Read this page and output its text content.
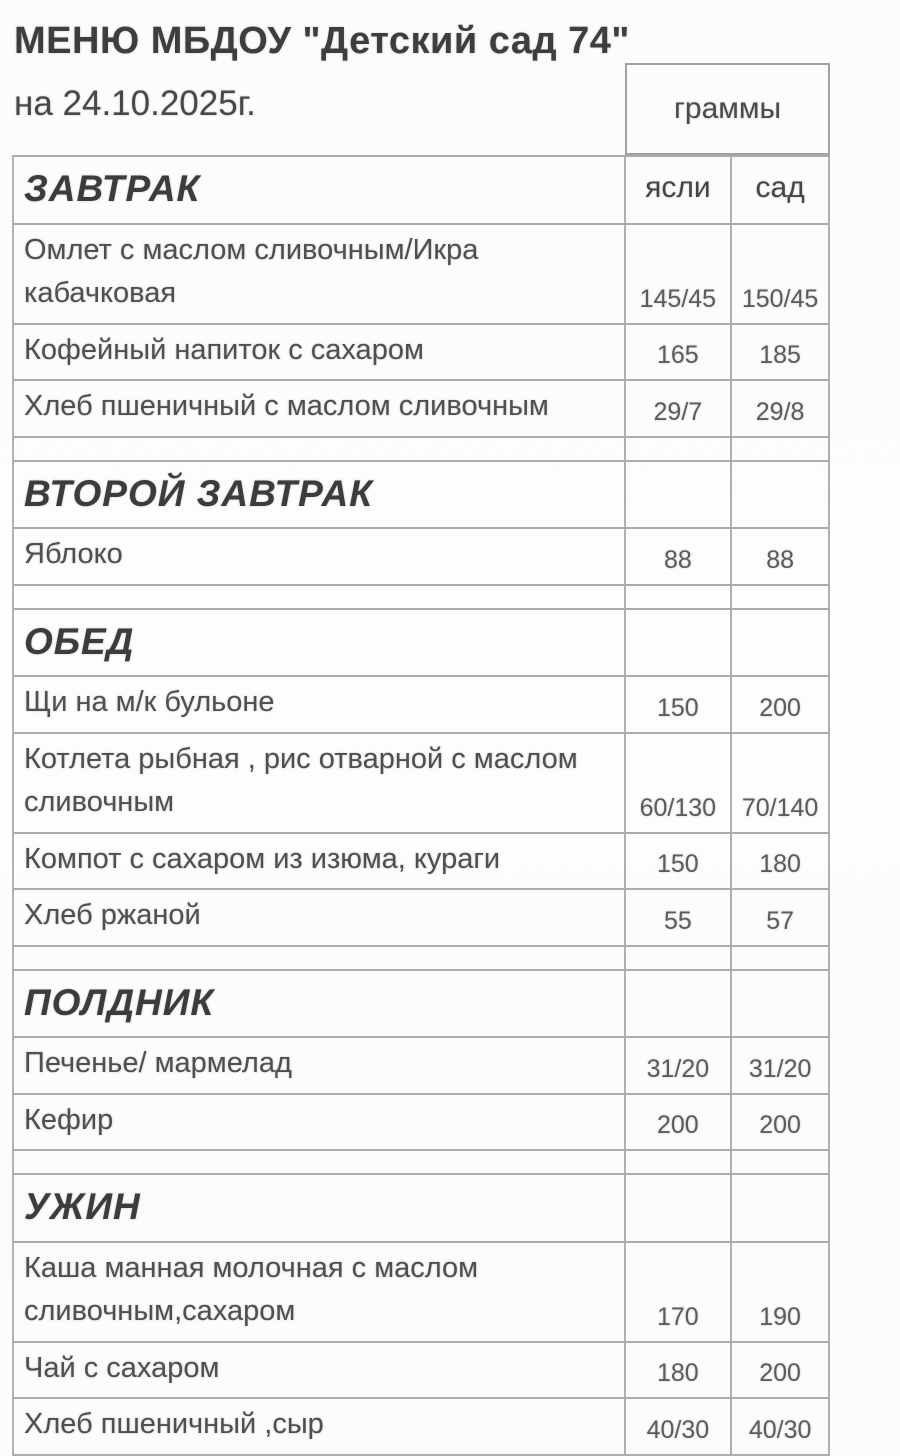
МЕНЮ МБДОУ "Детский сад 74"
на 24.10.2025г.	граммы
ЗАВТРАК	ясли	сад
Омлет с маслом сливочным/Икра кабачковая	145/45	150/45
Кофейный напиток с сахаром	165	185
Хлеб пшеничный с маслом сливочным	29/7	29/8
ВТОРОЙ ЗАВТРАК
Яблоко	88	88
ОБЕД
Щи на м/к бульоне	150	200
Котлета рыбная , рис отварной с маслом сливочным	60/130	70/140
Компот с сахаром из изюма, кураги	150	180
Хлеб ржаной	55	57
ПОЛДНИК
Печенье/ мармелад	31/20	31/20
Кефир	200	200
УЖИН
Каша манная молочная с маслом сливочным,сахаром	170	190
Чай с сахаром	180	200
Хлеб пшеничный ,сыр	40/30	40/30
